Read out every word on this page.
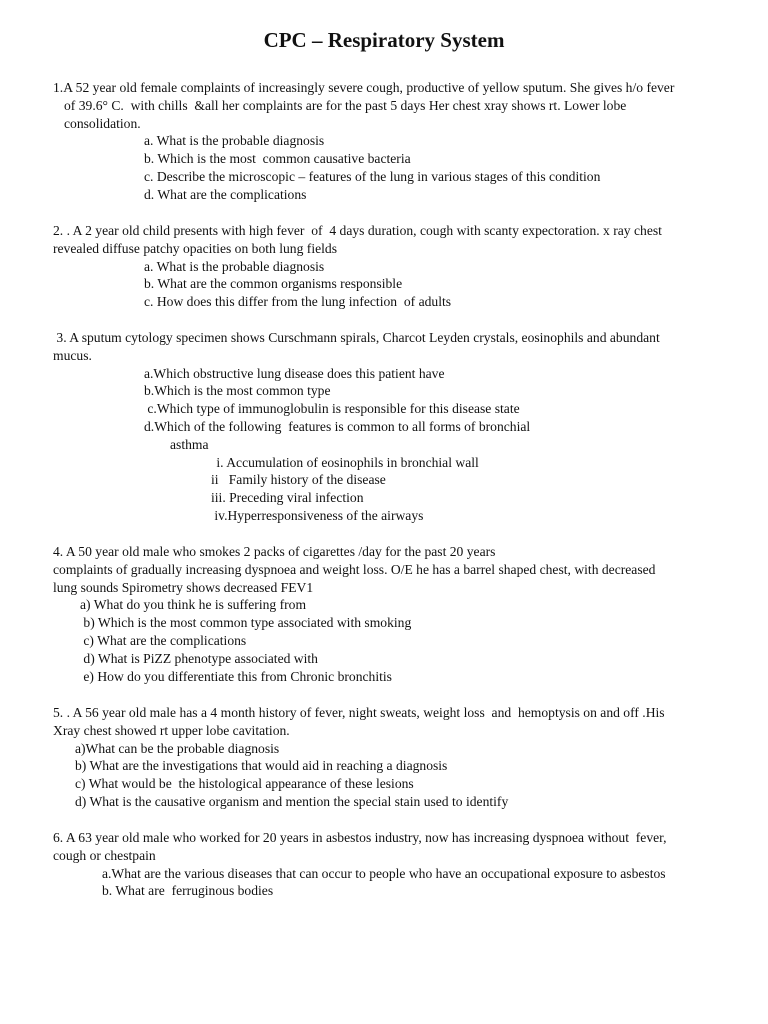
CPC – Respiratory System
1.A 52 year old female complaints of increasingly severe cough, productive of yellow sputum. She gives h/o fever
of 39.6° C.  with chills  &all her complaints are for the past 5 days Her chest xray shows rt. Lower lobe
consolidation.
a. What is the probable diagnosis
b. Which is the most  common causative bacteria
c. Describe the microscopic – features of the lung in various stages of this condition
d. What are the complications
2. . A 2 year old child presents with high fever  of  4 days duration, cough with scanty expectoration. x ray chest
revealed diffuse patchy opacities on both lung fields
a. What is the probable diagnosis
b. What are the common organisms responsible
c. How does this differ from the lung infection  of adults
3. A sputum cytology specimen shows Curschmann spirals, Charcot Leyden crystals, eosinophils and abundant
mucus.
a.Which obstructive lung disease does this patient have
b.Which is the most common type
c.Which type of immunoglobulin is responsible for this disease state
d.Which of the following  features is common to all forms of bronchial
asthma
i. Accumulation of eosinophils in bronchial wall
ii   Family history of the disease
iii. Preceding viral infection
iv.Hyperresponsiveness of the airways
4. A 50 year old male who smokes 2 packs of cigarettes /day for the past 20 years
complaints of gradually increasing dyspnoea and weight loss. O/E he has a barrel shaped chest, with decreased
lung sounds Spirometry shows decreased FEV1
a) What do you think he is suffering from
b) Which is the most common type associated with smoking
c) What are the complications
d) What is PiZZ phenotype associated with
e) How do you differentiate this from Chronic bronchitis
5. . A 56 year old male has a 4 month history of fever, night sweats, weight loss  and  hemoptysis on and off .His
Xray chest showed rt upper lobe cavitation.
a)What can be the probable diagnosis
b) What are the investigations that would aid in reaching a diagnosis
c) What would be  the histological appearance of these lesions
d) What is the causative organism and mention the special stain used to identify
6. A 63 year old male who worked for 20 years in asbestos industry, now has increasing dyspnoea without  fever,
cough or chestpain
a.What are the various diseases that can occur to people who have an occupational exposure to asbestos
b. What are  ferruginous bodies
